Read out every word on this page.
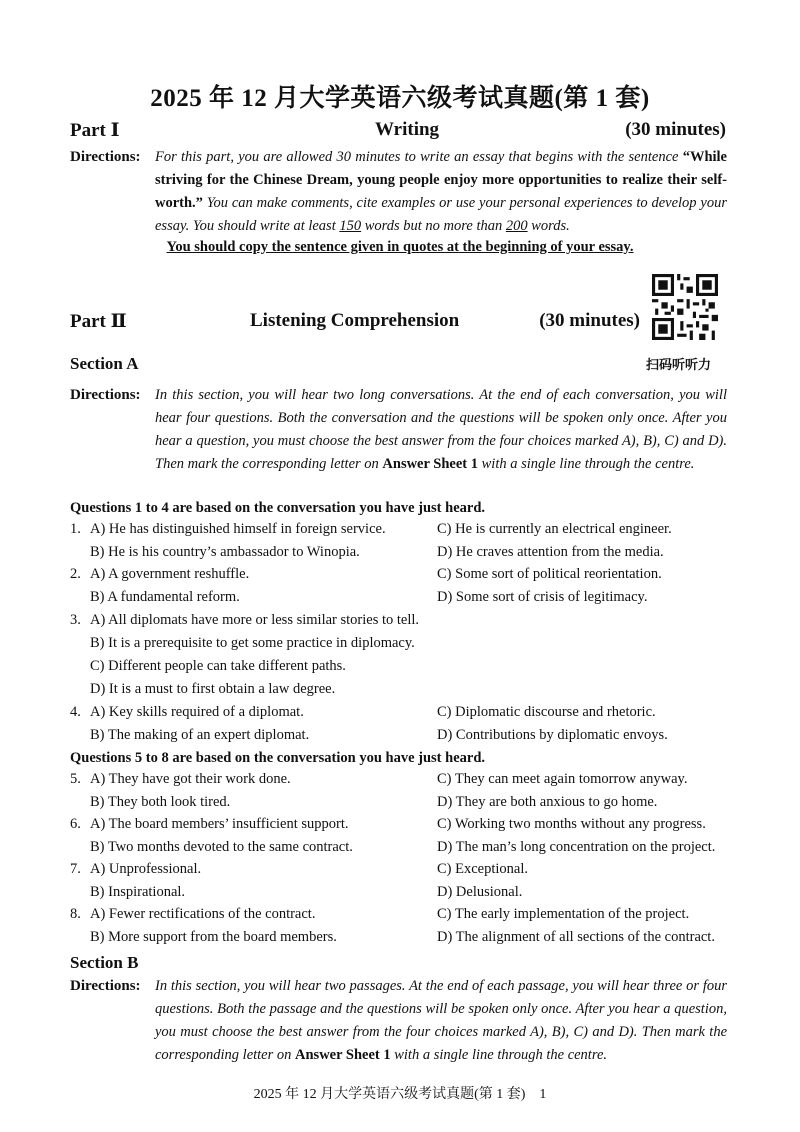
2025 年 12 月大学英语六级考试真题(第 1 套)
Part Ⅰ	Writing	(30 minutes)
Directions: For this part, you are allowed 30 minutes to write an essay that begins with the sentence “While striving for the Chinese Dream, young people enjoy more opportunities to realize their self-worth.” You can make comments, cite examples or use your personal experiences to develop your essay. You should write at least 150 words but no more than 200 words.
You should copy the sentence given in quotes at the beginning of your essay.
Part Ⅱ	Listening Comprehension	(30 minutes)
扫码听听力
Section A
Directions: In this section, you will hear two long conversations. At the end of each conversation, you will hear four questions. Both the conversation and the questions will be spoken only once. After you hear a question, you must choose the best answer from the four choices marked A), B), C) and D). Then mark the corresponding letter on Answer Sheet 1 with a single line through the centre.
Questions 1 to 4 are based on the conversation you have just heard.
1. A) He has distinguished himself in foreign service.	C) He is currently an electrical engineer.
B) He is his country’s ambassador to Winopia.	D) He craves attention from the media.
2. A) A government reshuffle.	C) Some sort of political reorientation.
B) A fundamental reform.	D) Some sort of crisis of legitimacy.
3. A) All diplomats have more or less similar stories to tell.
B) It is a prerequisite to get some practice in diplomacy.
C) Different people can take different paths.
D) It is a must to first obtain a law degree.
4. A) Key skills required of a diplomat.	C) Diplomatic discourse and rhetoric.
B) The making of an expert diplomat.	D) Contributions by diplomatic envoys.
5. A) They have got their work done.	C) They can meet again tomorrow anyway.
B) They both look tired.	D) They are both anxious to go home.
6. A) The board members’ insufficient support.	C) Working two months without any progress.
B) Two months devoted to the same contract.	D) The man’s long concentration on the project.
7. A) Unprofessional.	C) Exceptional.
B) Inspirational.	D) Delusional.
8. A) Fewer rectifications of the contract.	C) The early implementation of the project.
B) More support from the board members.	D) The alignment of all sections of the contract.
Questions 5 to 8 are based on the conversation you have just heard.
Section B
Directions: In this section, you will hear two passages. At the end of each passage, you will hear three or four questions. Both the passage and the questions will be spoken only once. After you hear a question, you must choose the best answer from the four choices marked A), B), C) and D). Then mark the corresponding letter on Answer Sheet 1 with a single line through the centre.
2025 年 12 月大学英语六级考试真题(第 1 套) 1
